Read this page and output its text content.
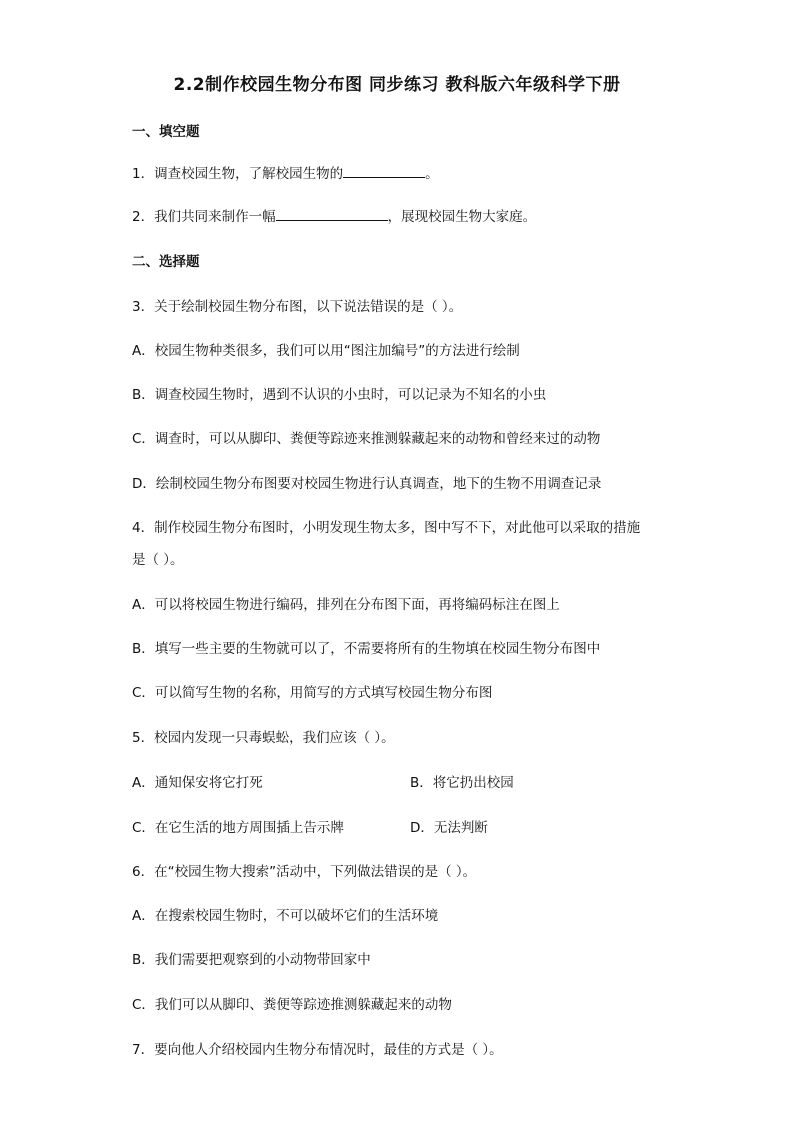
2.2制作校园生物分布图 同步练习 教科版六年级科学下册
一、填空题
1．调查校园生物，了解校园生物的	。
2．我们共同来制作一幅	，展现校园生物大家庭。
二、选择题
3．关于绘制校园生物分布图，以下说法错误的是（ ）。
A．校园生物种类很多，我们可以用“图注加编号”的方法进行绘制
B．调查校园生物时，遇到不认识的小虫时，可以记录为不知名的小虫
C．调查时，可以从脚印、粪便等踪迹来推测躲藏起来的动物和曾经来过的动物
D．绘制校园生物分布图要对校园生物进行认真调查，地下的生物不用调查记录
4．制作校园生物分布图时，小明发现生物太多，图中写不下，对此他可以采取的措施
是（ ）。
A．可以将校园生物进行编码，排列在分布图下面，再将编码标注在图上
B．填写一些主要的生物就可以了，不需要将所有的生物填在校园生物分布图中
C．可以简写生物的名称，用简写的方式填写校园生物分布图
5．校园内发现一只毒蜈蚣，我们应该（ ）。
A．通知保安将它打死	B．将它扔出校园
C．在它生活的地方周围插上告示牌	D．无法判断
6．在“校园生物大搜索”活动中，下列做法错误的是（ ）。
A．在搜索校园生物时，不可以破坏它们的生活环境
B．我们需要把观察到的小动物带回家中
C．我们可以从脚印、粪便等踪迹推测躲藏起来的动物
7．要向他人介绍校园内生物分布情况时，最佳的方式是（ ）。
